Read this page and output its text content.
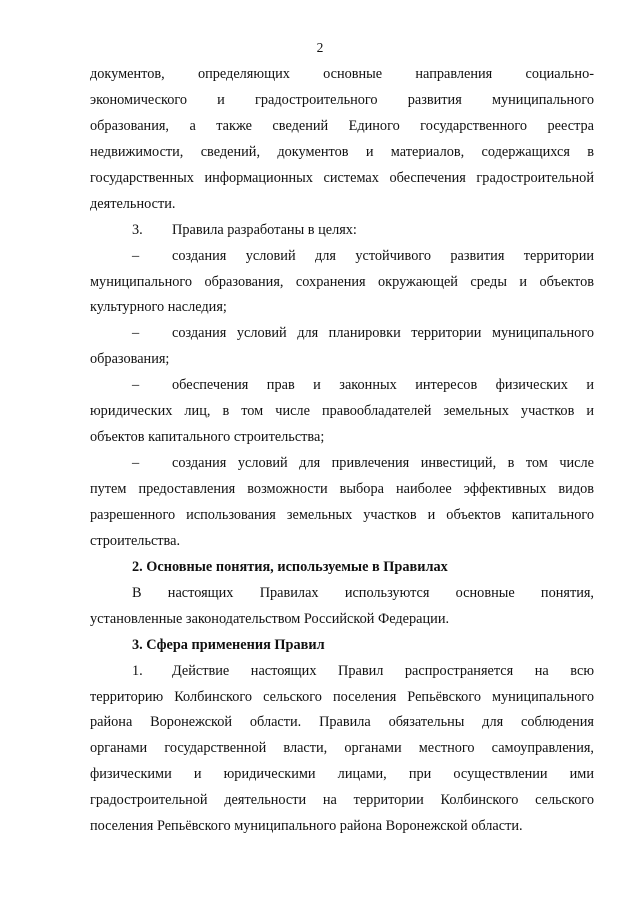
2
документов, определяющих основные направления социально-
экономического и градостроительного развития муниципального
образования, а также сведений Единого государственного реестра
недвижимости, сведений, документов и материалов, содержащихся в
государственных информационных системах обеспечения градостроительной
деятельности.
3. Правила разработаны в целях:
– создания условий для устойчивого развития территории
муниципального образования, сохранения окружающей среды и объектов
культурного наследия;
– создания условий для планировки территории муниципального
образования;
– обеспечения прав и законных интересов физических и
юридических лиц, в том числе правообладателей земельных участков и
объектов капитального строительства;
– создания условий для привлечения инвестиций, в том числе
путем предоставления возможности выбора наиболее эффективных видов
разрешенного использования земельных участков и объектов капитального
строительства.
2. Основные понятия, используемые в Правилах
В настоящих Правилах используются основные понятия,
установленные законодательством Российской Федерации.
3. Сфера применения Правил
1. Действие настоящих Правил распространяется на всю
территорию Колбинского сельского поселения Репьёвского муниципального
района Воронежской области. Правила обязательны для соблюдения
органами государственной власти, органами местного самоуправления,
физическими и юридическими лицами, при осуществлении ими
градостроительной деятельности на территории Колбинского сельского
поселения Репьёвского муниципального района Воронежской области.
